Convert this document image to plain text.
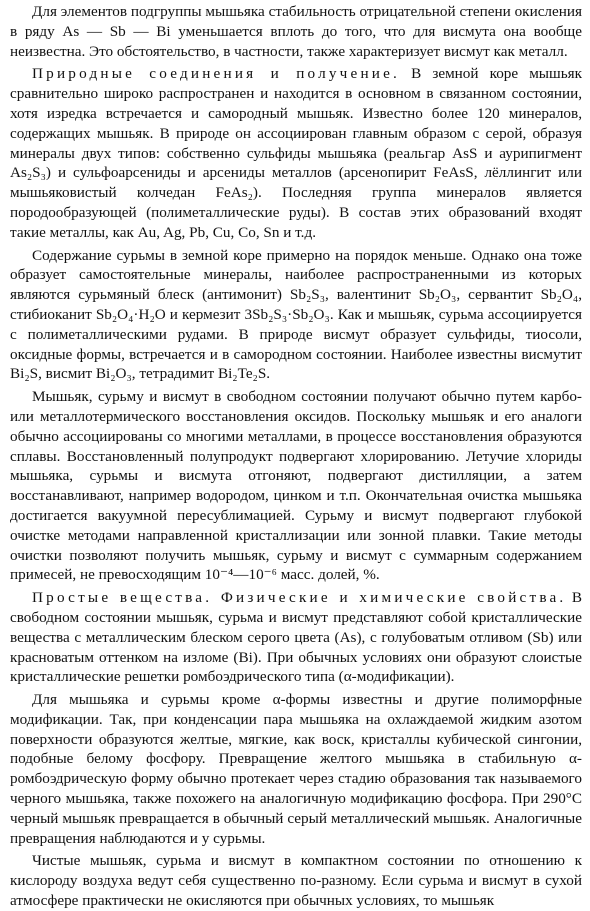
Для элементов подгруппы мышьяка стабильность отрицательной степени окисления в ряду As — Sb — Bi уменьшается вплоть до того, что для висмута она вообще неизвестна. Это обстоятельство, в частности, также характеризует висмут как металл.

Природные соединения и получение. В земной коре мышьяк сравнительно широко распространен и находится в основном в связанном состоянии, хотя изредка встречается и самородный мышьяк. Известно более 120 минералов, содержащих мышьяк. В природе он ассоциирован главным образом с серой, образуя минералы двух типов: собственно сульфиды мышьяка (реальгар AsS и аурипигмент As₂S₃) и сульфоарсениды и арсениды металлов (арсенопирит FeAsS, лёллингит или мышьяковистый колчедан FeAs₂). Последняя группа минералов является породообразующей (полиметаллические руды). В состав этих образований входят такие металлы, как Au, Ag, Pb, Cu, Co, Sn и т.д.

Содержание сурьмы в земной коре примерно на порядок меньше. Однако она тоже образует самостоятельные минералы, наиболее распространенными из которых являются сурьмяный блеск (антимонит) Sb₂S₃, валентинит Sb₂O₃, сервантит Sb₂O₄, стибиоканит Sb₂O₄·H₂O и кермезит 3Sb₂S₃·Sb₂O₃. Как и мышьяк, сурьма ассоциируется с полиметаллическими рудами. В природе висмут образует сульфиды, тиосоли, оксидные формы, встречается и в самородном состоянии. Наиболее известны висмутит Bi₂S, висмит Bi₂O₃, тетрадимит Bi₂Te₂S.

Мышьяк, сурьму и висмут в свободном состоянии получают обычно путем карбо- или металлотермического восстановления оксидов. Поскольку мышьяк и его аналоги обычно ассоциированы со многими металлами, в процессе восстановления образуются сплавы. Восстановленный полупродукт подвергают хлорированию. Летучие хлориды мышьяка, сурьмы и висмута отгоняют, подвергают дистилляции, а затем восстанавливают, например водородом, цинком и т.п. Окончательная очистка мышьяка достигается вакуумной пересублимацией. Сурьму и висмут подвергают глубокой очистке методами направленной кристаллизации или зонной плавки. Такие методы очистки позволяют получить мышьяк, сурьму и висмут с суммарным содержанием примесей, не превосходящим 10⁻⁴—10⁻⁶ масс. долей, %.

Простые вещества. Физические и химические свойства. В свободном состоянии мышьяк, сурьма и висмут представляют собой кристаллические вещества с металлическим блеском серого цвета (As), с голубоватым отливом (Sb) или красноватым оттенком на изломе (Bi). При обычных условиях они образуют слоистые кристаллические решетки ромбоэдрического типа (α-модификации).

Для мышьяка и сурьмы кроме α-формы известны и другие полиморфные модификации. Так, при конденсации пара мышьяка на охлаждаемой жидким азотом поверхности образуются желтые, мягкие, как воск, кристаллы кубической сингонии, подобные белому фосфору. Превращение желтого мышьяка в стабильную α-ромбоэдрическую форму обычно протекает через стадию образования так называемого черного мышьяка, также похожего на аналогичную модификацию фосфора. При 290°C черный мышьяк превращается в обычный серый металлический мышьяк. Аналогичные превращения наблюдаются и у сурьмы.

Чистые мышьяк, сурьма и висмут в компактном состоянии по отношению к кислороду воздуха ведут себя существенно по-разному. Если сурьма и висмут в сухой атмосфере практически не окисляются при обычных условиях, то мышьяк
